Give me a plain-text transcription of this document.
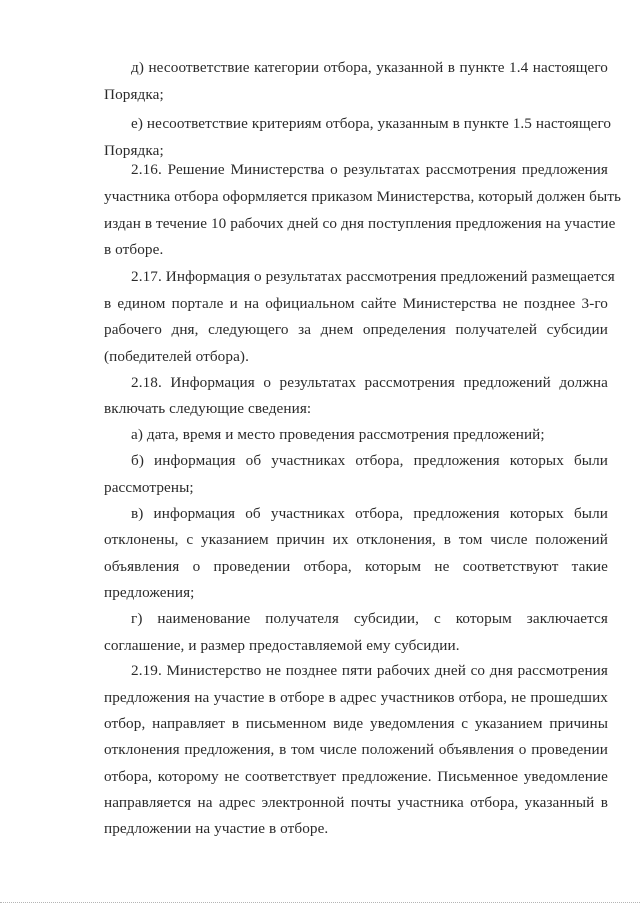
д) несоответствие категории отбора, указанной в пункте 1.4 настоящего
Порядка;
е) несоответствие критериям отбора, указанным в пункте 1.5 настоящего
Порядка;
2.16. Решение Министерства о результатах рассмотрения предложения
участника отбора оформляется приказом Министерства, который должен быть
издан в течение 10 рабочих дней со дня поступления предложения на участие
в отборе.
2.17. Информация о результатах рассмотрения предложений размещается
в едином портале и на официальном сайте Министерства не позднее 3-го
рабочего дня, следующего за днем определения получателей субсидии
(победителей отбора).
2.18. Информация о результатах рассмотрения предложений должна
включать следующие сведения:
а) дата, время и место проведения рассмотрения предложений;
б) информация об участниках отбора, предложения которых были
рассмотрены;
в) информация об участниках отбора, предложения которых были
отклонены, с указанием причин их отклонения, в том числе положений
объявления о проведении отбора, которым не соответствуют такие
предложения;
г) наименование получателя субсидии, с которым заключается
соглашение, и размер предоставляемой ему субсидии.
2.19. Министерство не позднее пяти рабочих дней со дня рассмотрения
предложения на участие в отборе в адрес участников отбора, не прошедших
отбор, направляет в письменном виде уведомления с указанием причины
отклонения предложения, в том числе положений объявления о проведении
отбора, которому не соответствует предложение. Письменное уведомление
направляется на адрес электронной почты участника отбора, указанный в
предложении на участие в отборе.
